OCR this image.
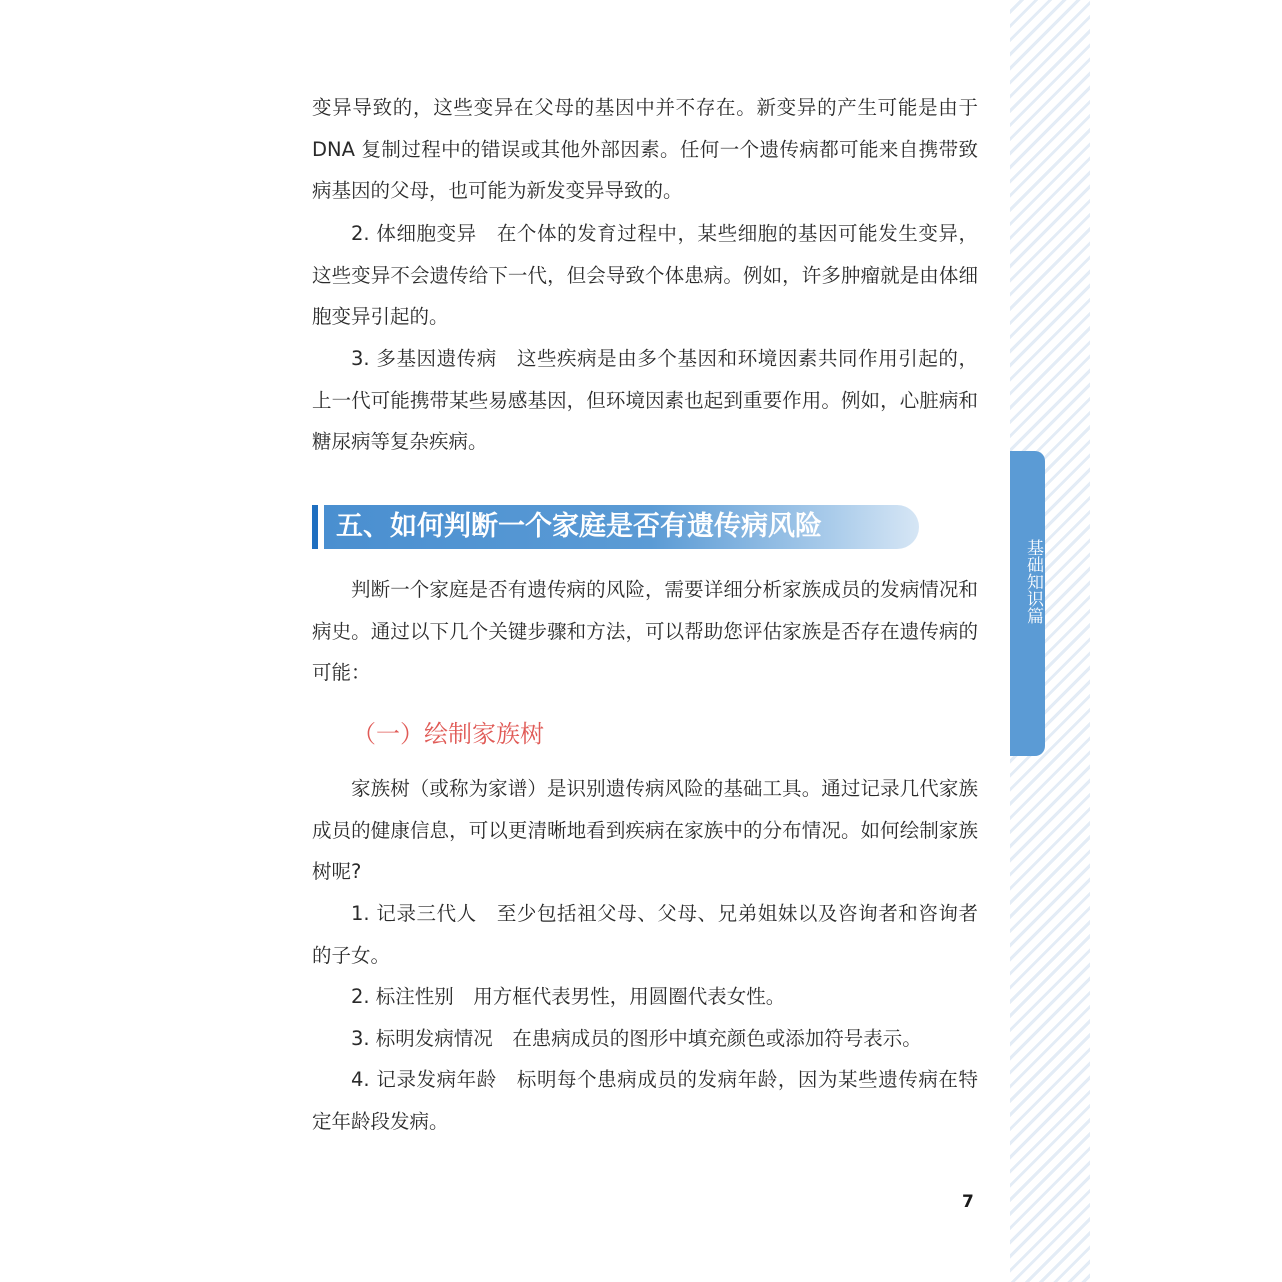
基础知识篇

变异导致的，这些变异在父母的基因中并不存在。新变异的产生可能是由于 DNA 复制过程中的错误或其他外部因素。任何一个遗传病都可能来自携带致病基因的父母，也可能为新发变异导致的。

2. 体细胞变异　在个体的发育过程中，某些细胞的基因可能发生变异，这些变异不会遗传给下一代，但会导致个体患病。例如，许多肿瘤就是由体细胞变异引起的。

3. 多基因遗传病　这些疾病是由多个基因和环境因素共同作用引起的，上一代可能携带某些易感基因，但环境因素也起到重要作用。例如，心脏病和糖尿病等复杂疾病。

五、如何判断一个家庭是否有遗传病风险

判断一个家庭是否有遗传病的风险，需要详细分析家族成员的发病情况和病史。通过以下几个关键步骤和方法，可以帮助您评估家族是否存在遗传病的可能：

（一）绘制家族树

家族树（或称为家谱）是识别遗传病风险的基础工具。通过记录几代家族成员的健康信息，可以更清晰地看到疾病在家族中的分布情况。如何绘制家族树呢?

1. 记录三代人　至少包括祖父母、父母、兄弟姐妹以及咨询者和咨询者的子女。

2. 标注性别　用方框代表男性，用圆圈代表女性。

3. 标明发病情况　在患病成员的图形中填充颜色或添加符号表示。

4. 记录发病年龄　标明每个患病成员的发病年龄，因为某些遗传病在特定年龄段发病。

7
